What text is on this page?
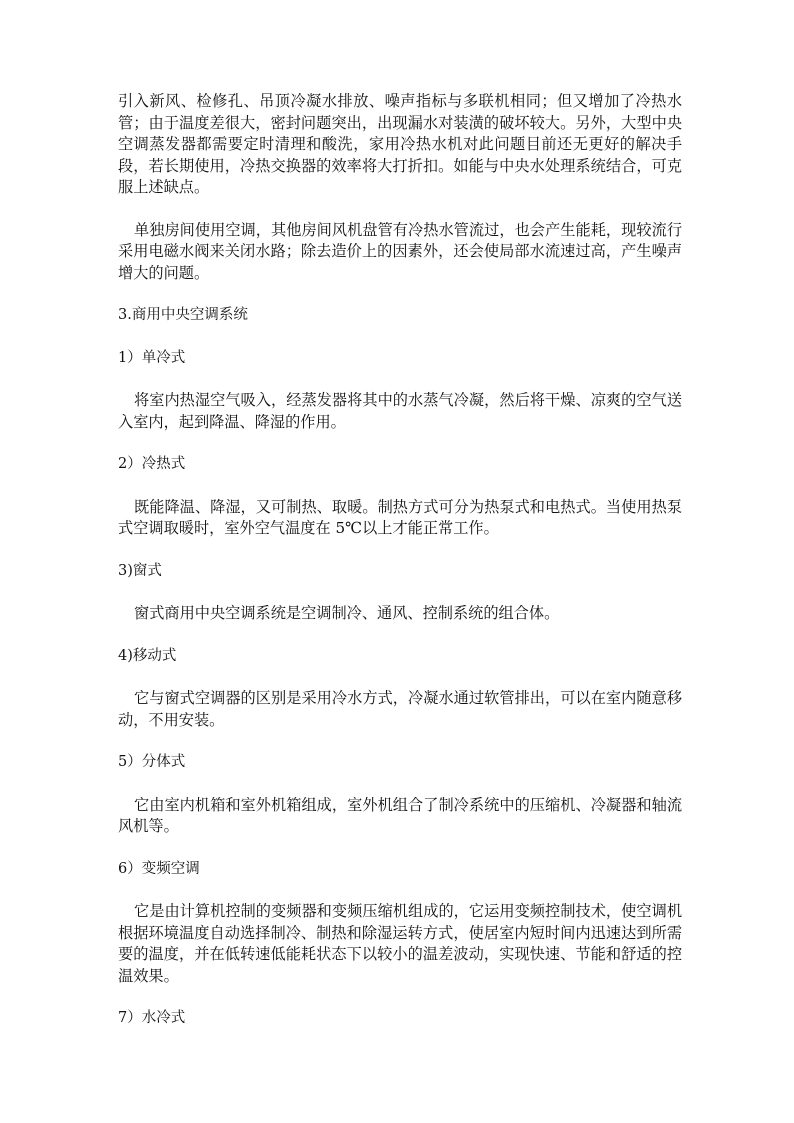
引入新风、检修孔、吊顶冷凝水排放、噪声指标与多联机相同；但又增加了冷热水管；由于温度差很大，密封问题突出，出现漏水对装潢的破坏较大。另外，大型中央空调蒸发器都需要定时清理和酸洗，家用冷热水机对此问题目前还无更好的解决手段，若长期使用，冷热交换器的效率将大打折扣。如能与中央水处理系统结合，可克服上述缺点。

单独房间使用空调，其他房间风机盘管有冷热水管流过，也会产生能耗，现较流行采用电磁水阀来关闭水路；除去造价上的因素外，还会使局部水流速过高，产生噪声增大的问题。

3.商用中央空调系统

1）单冷式

将室内热湿空气吸入，经蒸发器将其中的水蒸气冷凝，然后将干燥、凉爽的空气送入室内，起到降温、降湿的作用。

2）冷热式

既能降温、降湿，又可制热、取暖。制热方式可分为热泵式和电热式。当使用热泵式空调取暖时，室外空气温度在 5℃以上才能正常工作。

3)窗式

窗式商用中央空调系统是空调制冷、通风、控制系统的组合体。

4)移动式

它与窗式空调器的区别是采用冷水方式，冷凝水通过软管排出，可以在室内随意移动，不用安装。

5）分体式

它由室内机箱和室外机箱组成，室外机组合了制冷系统中的压缩机、冷凝器和轴流风机等。

6）变频空调

它是由计算机控制的变频器和变频压缩机组成的，它运用变频控制技术，使空调机根据环境温度自动选择制冷、制热和除湿运转方式，使居室内短时间内迅速达到所需要的温度，并在低转速低能耗状态下以较小的温差波动，实现快速、节能和舒适的控温效果。

7）水冷式
